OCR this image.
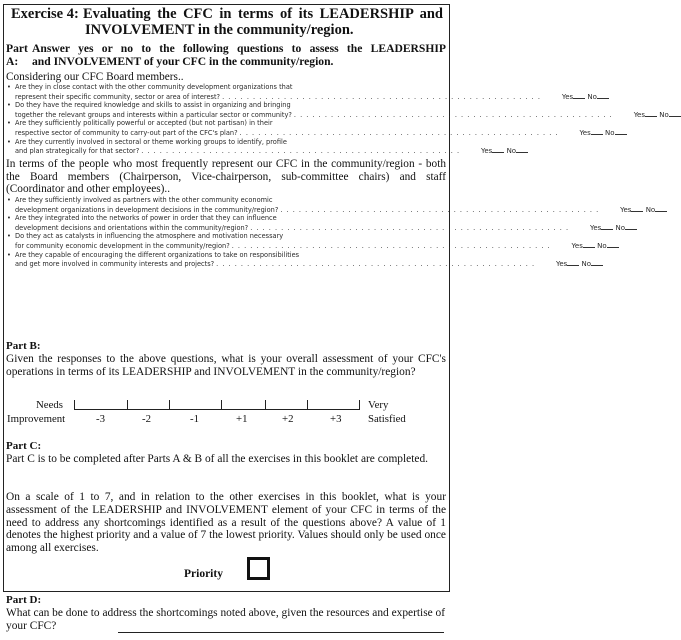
Exercise 4: Evaluating the CFC in terms of its LEADERSHIP and
INVOLVEMENT in the community/region.
Part A:
Answer yes or no to the following questions to assess the LEADERSHIP
and INVOLVEMENT of your CFC in the community/region.
Considering our CFC Board members..
• Are they in close contact with the other community development organizations that
represent their specific community, sector or area of interest? . . . . . . . . . . . . . . . . . . . . . . . . . . . . . . . . . . . . . . . . . . . . . . . . . . . .	Yes No
• Do they have the required knowledge and skills to assist in organizing and bringing
together the relevant groups and interests within a particular sector or community? . . . . . . . . . . . . . . . . . . . . . . . . . . . . . . . . . . . . . . . . . . . . . . . . . . . .	Yes No
• Are they sufficiently politically powerful or accepted (but not partisan) in their
respective sector of community to carry-out part of the CFC's plan? . . . . . . . . . . . . . . . . . . . . . . . . . . . . . . . . . . . . . . . . . . . . . . . . . . . .	Yes No
• Are they currently involved in sectoral or theme working groups to identify, profile
and plan strategically for that sector? . . . . . . . . . . . . . . . . . . . . . . . . . . . . . . . . . . . . . . . . . . . . . . . . . . . .	Yes No
In terms of the people who most frequently represent our CFC in the community/region - both the Board members (Chairperson, Vice-chairperson, sub-committee chairs) and staff (Coordinator and other employees)..
• Are they sufficiently involved as partners with the other community economic
development organizations in development decisions in the community/region? . . . . . . . . . . . . . . . . . . . . . . . . . . . . . . . . . . . . . . . . . . . . . . . . . . . .	Yes No
• Are they integrated into the networks of power in order that they can influence
development decisions and orientations within the community/region? . . . . . . . . . . . . . . . . . . . . . . . . . . . . . . . . . . . . . . . . . . . . . . . . . . . .	Yes No
• Do they act as catalysts in influencing the atmosphere and motivation necessary
for community economic development in the community/region? . . . . . . . . . . . . . . . . . . . . . . . . . . . . . . . . . . . . . . . . . . . . . . . . . . . .	Yes No
• Are they capable of encouraging the different organizations to take on responsibilities
and get more involved in community interests and projects? . . . . . . . . . . . . . . . . . . . . . . . . . . . . . . . . . . . . . . . . . . . . . . . . . . . .	Yes No
Part B:
Given the responses to the above questions, what is your overall assessment of your CFC's operations in terms of its LEADERSHIP and INVOLVEMENT in the community/region?
Needs	Very
Improvement	-3	-2	-1	+1	+2	+3 Satisfied
Part C:
Part C is to be completed after Parts A & B of all the exercises in this booklet are completed.
On a scale of 1 to 7, and in relation to the other exercises in this booklet, what is your assessment of the LEADERSHIP and INVOLVEMENT element of your CFC in terms of the need to address any shortcomings identified as a result of the questions above? A value of 1 denotes the highest priority and a value of 7 the lowest priority. Values should only be used once among all exercises.
Priority
Part D:
What can be done to address the shortcomings noted above, given the resources and expertise of your CFC?
